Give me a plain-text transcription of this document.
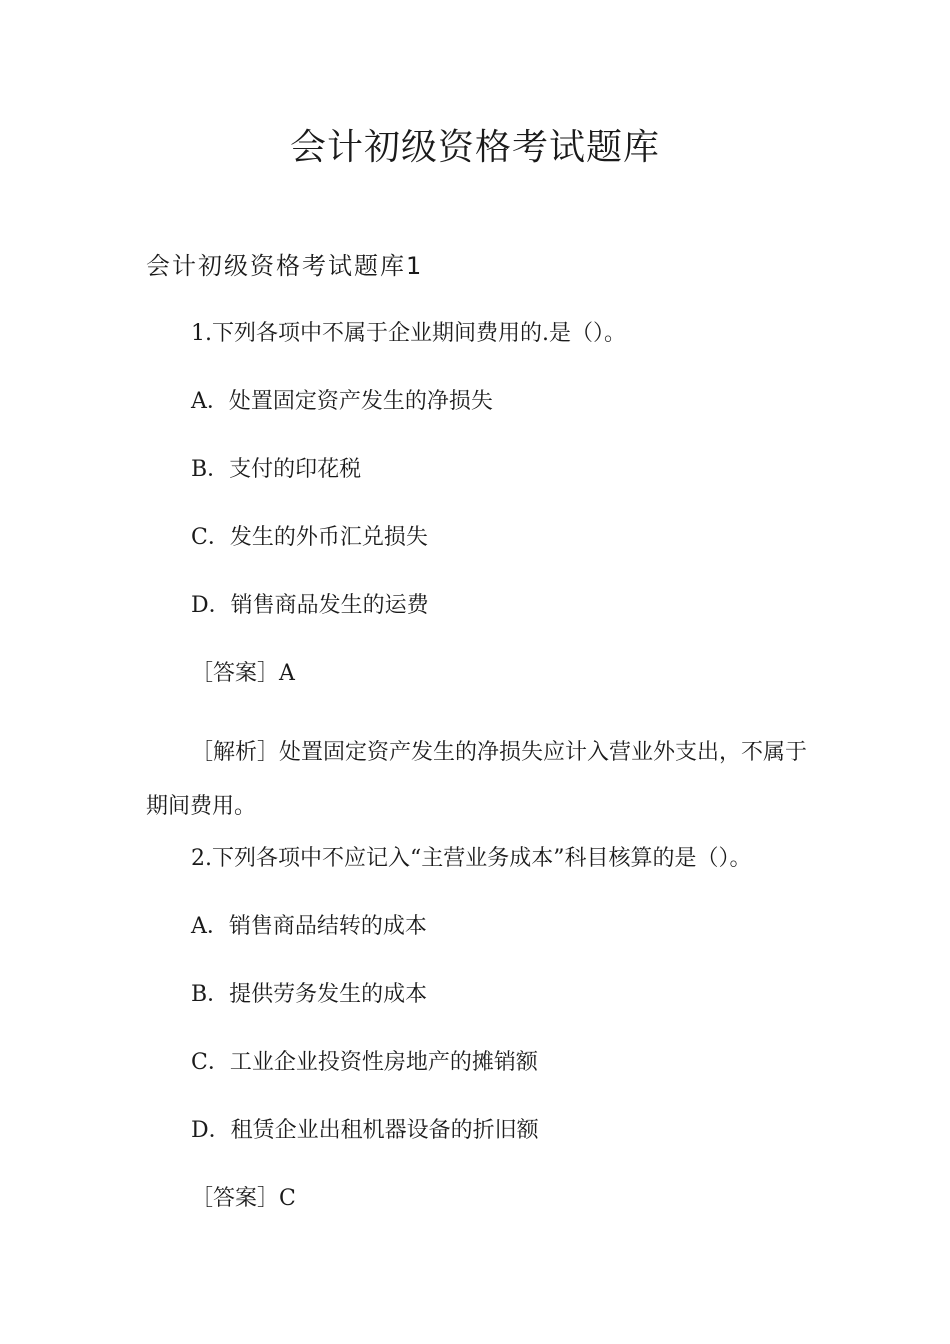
会计初级资格考试题库
会计初级资格考试题库1

1.下列各项中不属于企业期间费用的.是（）。

A．处置固定资产发生的净损失

B．支付的印花税

C．发生的外币汇兑损失

D．销售商品发生的运费

［答案］A

［解析］处置固定资产发生的净损失应计入营业外支出，不属于期间费用。

2.下列各项中不应记入“主营业务成本”科目核算的是（）。

A．销售商品结转的成本

B．提供劳务发生的成本

C．工业企业投资性房地产的摊销额

D．租赁企业出租机器设备的折旧额

［答案］C
